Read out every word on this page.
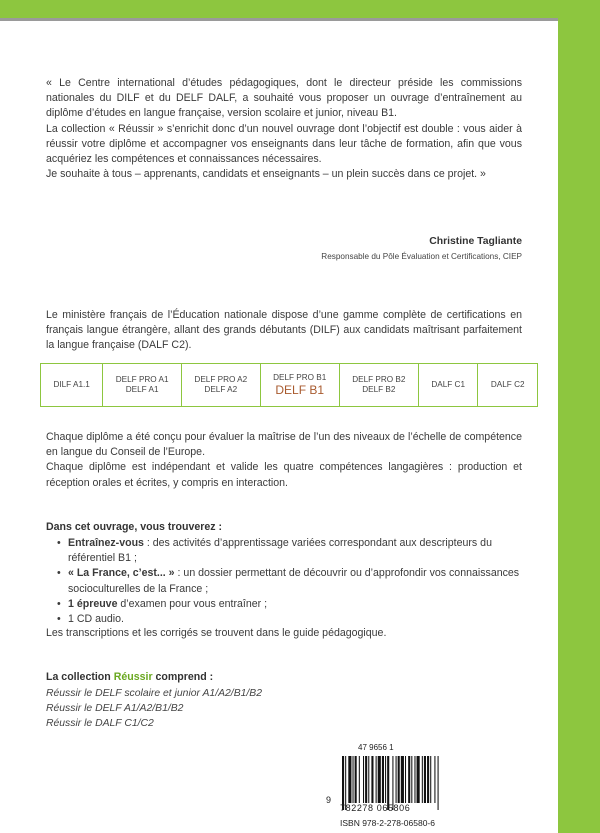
« Le Centre international d’études pédagogiques, dont le directeur préside les commissions nationales du DILF et du DELF DALF, a souhaité vous proposer un ouvrage d’entraînement au diplôme d’études en langue française, version scolaire et junior, niveau B1.

La collection « Réussir » s’enrichit donc d’un nouvel ouvrage dont l’objectif est double : vous aider à réussir votre diplôme et accompagner vos enseignants dans leur tâche de formation, afin que vous acquériez les compétences et connaissances nécessaires.

Je souhaite à tous – apprenants, candidats et enseignants – un plein succès dans ce projet. »

Christine Tagliante
Responsable du Pôle Évaluation et Certifications, CIEP
Le ministère français de l’Éducation nationale dispose d’une gamme complète de certifications en français langue étrangère, allant des grands débutants (DILF) aux candidats maîtrisant parfaitement la langue française (DALF C2).
DILF A1.1
DELF PRO A1
DELF A1
DELF PRO A2
DELF A2
DELF PRO B1
DELF B1
DELF PRO B2
DELF B2
DALF C1	DALF C2

Chaque diplôme a été conçu pour évaluer la maîtrise de l’un des niveaux de l’échelle de compétence en langue du Conseil de l’Europe.

Chaque diplôme est indépendant et valide les quatre compétences langagières : production et réception orales et écrites, y compris en interaction.

Dans cet ouvrage, vous trouverez :
• Entraînez-vous : des activités d’apprentissage variées correspondant aux descripteurs du référentiel B1 ;
• « La France, c’est... » : un dossier permettant de découvrir ou d’approfondir vos connaissances socioculturelles de la France ;
• 1 épreuve d’examen pour vous entraîner ;
• 1 CD audio.
Les transcriptions et les corrigés se trouvent dans le guide pédagogique.
La collection Réussir comprend :
Réussir le DELF scolaire et junior A1/A2/B1/B2
Réussir le DELF A1/A2/B1/B2
Réussir le DALF C1/C2
47 9656 1
9
782278 065806
ISBN 978-2-278-06580-6
